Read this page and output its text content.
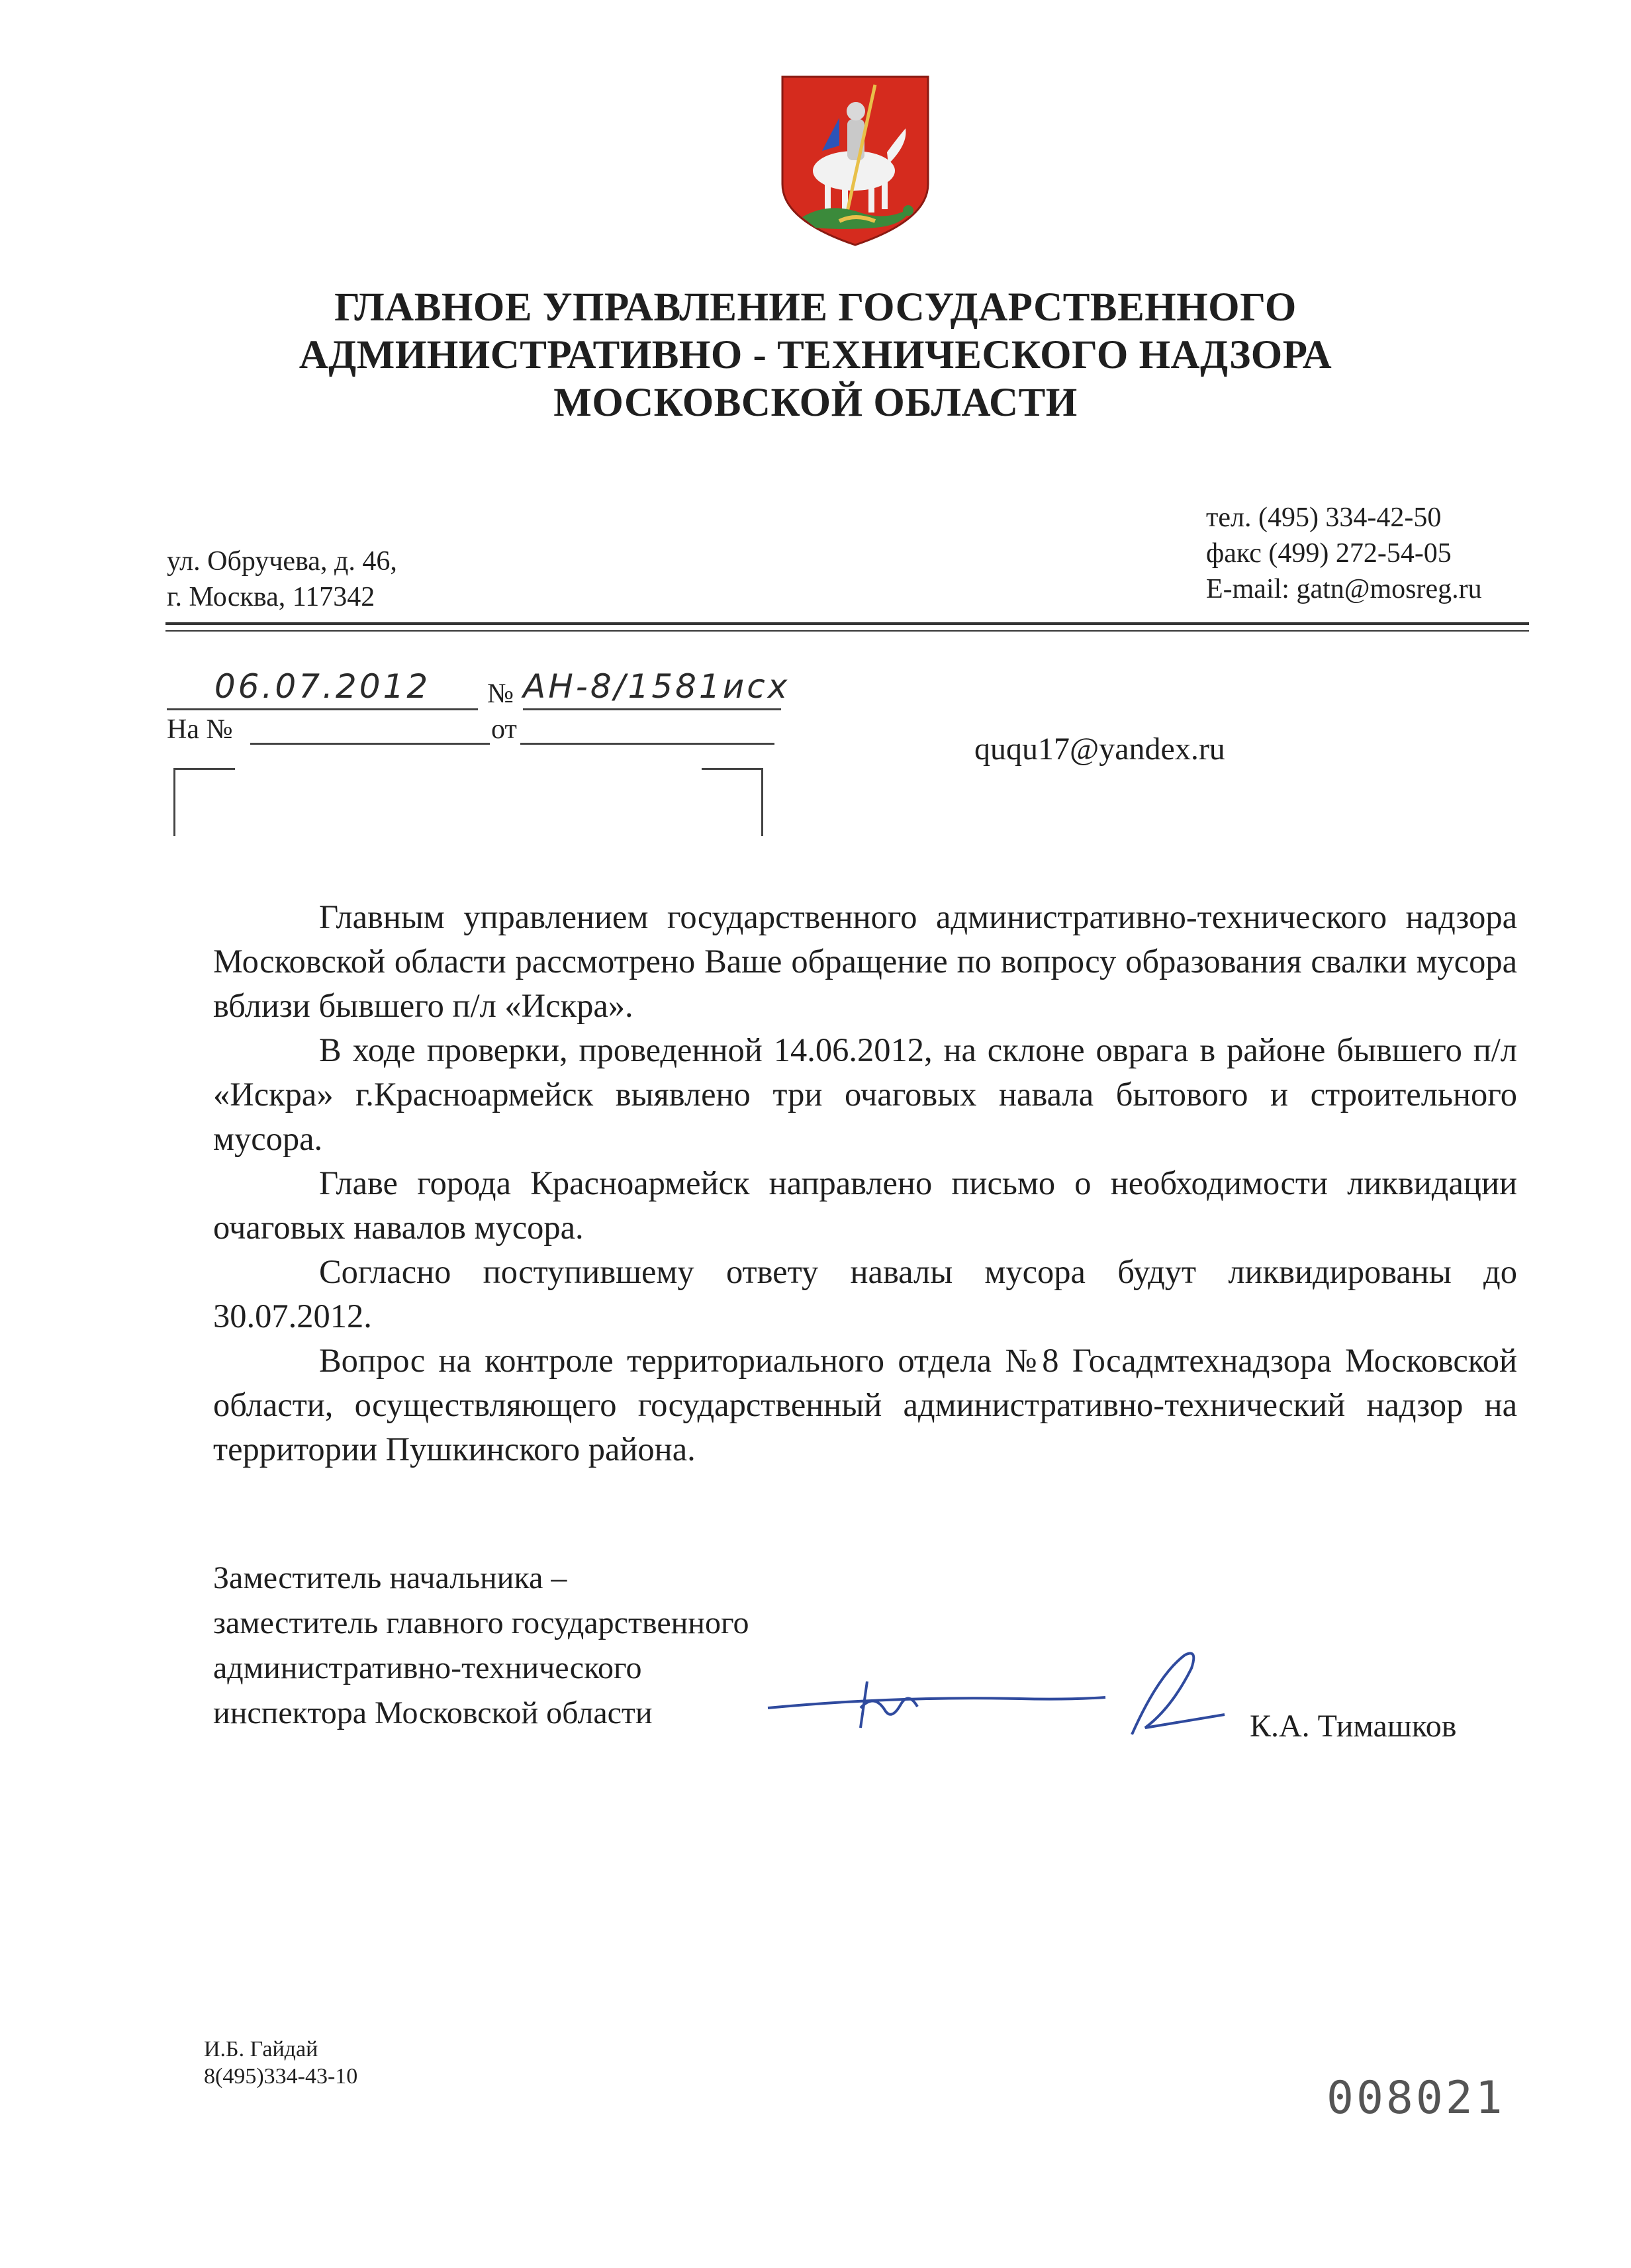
ГЛАВНОЕ УПРАВЛЕНИЕ ГОСУДАРСТВЕННОГО
АДМИНИСТРАТИВНО - ТЕХНИЧЕСКОГО НАДЗОРА
МОСКОВСКОЙ ОБЛАСТИ
ул. Обручева, д. 46,
г. Москва, 117342
тел. (495) 334-42-50
факс (499) 272-54-05
E-mail: gatn@mosreg.ru
06.07.2012	№ АН-8/1581исх
На №	от
ququ17@yandex.ru

Главным управлением государственного административно-технического надзора Московской области рассмотрено Ваше обращение по вопросу образования свалки мусора вблизи бывшего п/л «Искра».

В ходе проверки, проведенной 14.06.2012, на склоне оврага в районе бывшего п/л «Искра» г.Красноармейск выявлено три очаговых навала бытового и строительного мусора.

Главе города Красноармейск направлено письмо о необходимости ликвидации очаговых навалов мусора.

Согласно поступившему ответу навалы мусора будут ликвидированы до 30.07.2012.

Вопрос на контроле территориального отдела №8 Госадмтехнадзора Московской области, осуществляющего государственный административно-технический надзор на территории Пушкинского района.

Заместитель начальника –
заместитель главного государственного
административно-технического
инспектора Московской области	К.А. Тимашков
И.Б. Гайдай
8(495)334-43-10	008021
